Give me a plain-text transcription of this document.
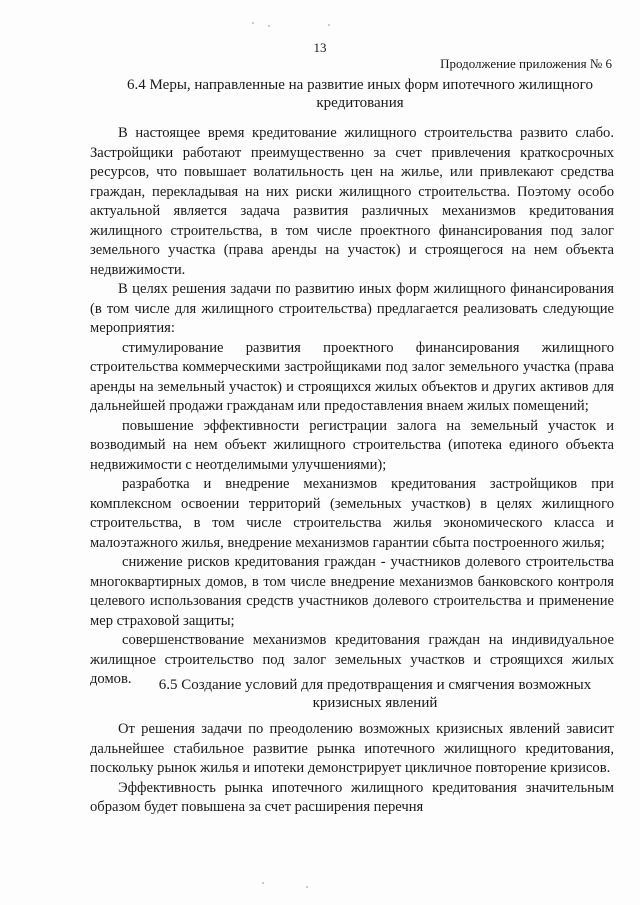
13
Продолжение приложения № 6
6.4 Меры, направленные на развитие иных форм ипотечного жилищного
кредитования

В настоящее время кредитование жилищного строительства развито слабо. Застройщики работают преимущественно за счет привлечения краткосрочных ресурсов, что повышает волатильность цен на жилье, или привлекают средства граждан, перекладывая на них риски жилищного строительства. Поэтому особо актуальной является задача развития различных механизмов кредитования жилищного строительства, в том числе проектного финансирования под залог земельного участка (права аренды на участок) и строящегося на нем объекта недвижимости.

В целях решения задачи по развитию иных форм жилищного финансирования (в том числе для жилищного строительства) предлагается реализовать следующие мероприятия:

стимулирование развития проектного финансирования жилищного строительства коммерческими застройщиками под залог земельного участка (права аренды на земельный участок) и строящихся жилых объектов и других активов для дальнейшей продажи гражданам или предоставления внаем жилых помещений;

повышение эффективности регистрации залога на земельный участок и возводимый на нем объект жилищного строительства (ипотека единого объекта недвижимости с неотделимыми улучшениями);

разработка и внедрение механизмов кредитования застройщиков при комплексном освоении территорий (земельных участков) в целях жилищного строительства, в том числе строительства жилья экономического класса и малоэтажного жилья, внедрение механизмов гарантии сбыта построенного жилья;

снижение рисков кредитования граждан - участников долевого строительства многоквартирных домов, в том числе внедрение механизмов банковского контроля целевого использования средств участников долевого строительства и применение мер страховой защиты;

совершенствование механизмов кредитования граждан на индивидуальное жилищное строительство под залог земельных участков и строящихся жилых домов.	6.5 Создание условий для предотвращения и смягчения возможных
кризисных явлений

От решения задачи по преодолению возможных кризисных явлений зависит дальнейшее стабильное развитие рынка ипотечного жилищного кредитования, поскольку рынок жилья и ипотеки демонстрирует цикличное повторение кризисов.

Эффективность рынка ипотечного жилищного кредитования значительным образом будет повышена за счет расширения перечня
